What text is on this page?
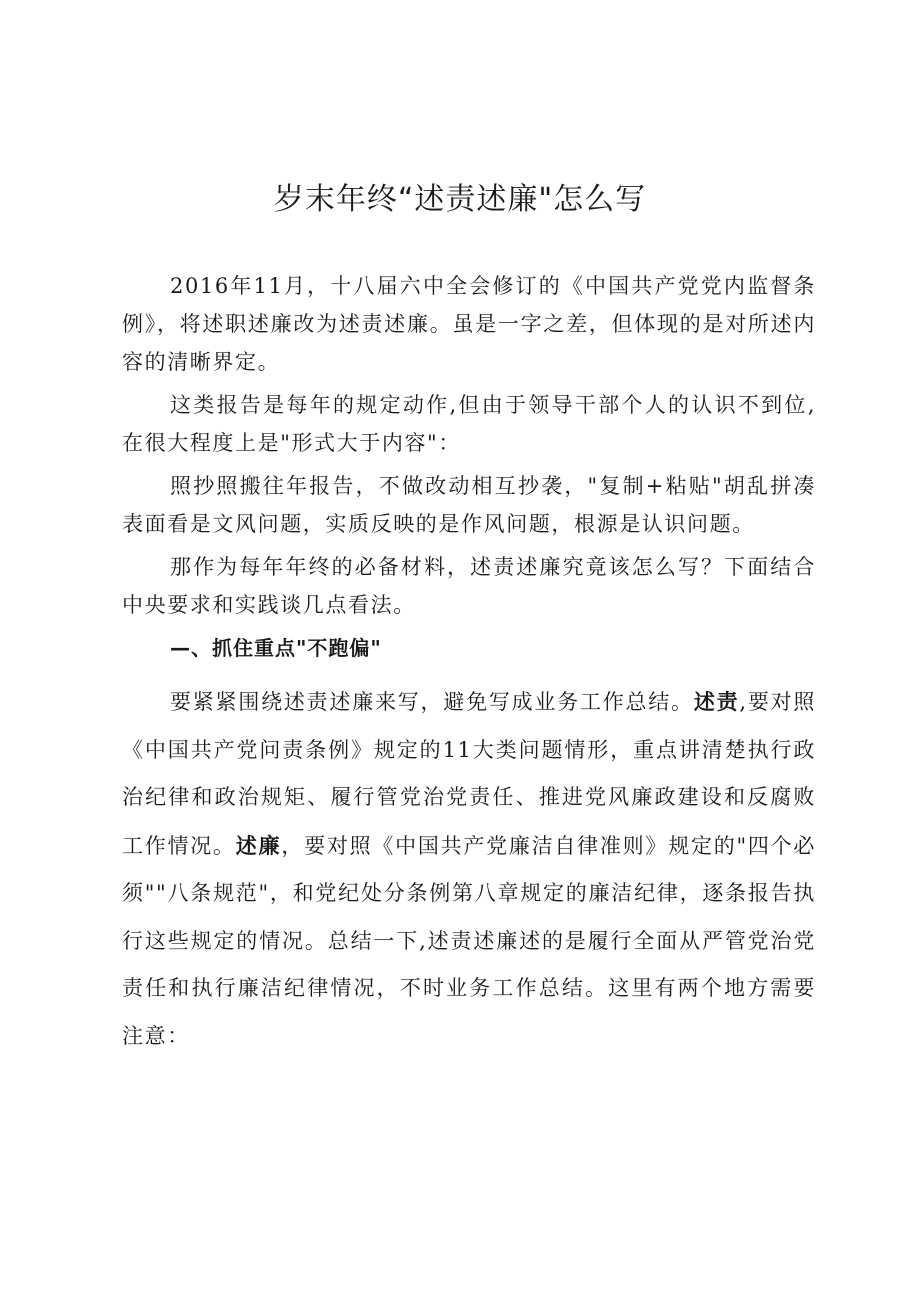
岁末年终“述责述廉"怎么写

2016年11月，十八届六中全会修订的《中国共产党党内监督条例》，将述职述廉改为述责述廉。虽是一字之差，但体现的是对所述内容的清晰界定。

这类报告是每年的规定动作,但由于领导干部个人的认识不到位,在很大程度上是"形式大于内容"：

照抄照搬往年报告，不做改动相互抄袭，"复制+粘贴"胡乱拼凑表面看是文风问题，实质反映的是作风问题，根源是认识问题。

那作为每年年终的必备材料，述责述廉究竟该怎么写？下面结合中央要求和实践谈几点看法。

—、抓住重点"不跑偏"

要紧紧围绕述责述廉来写，避免写成业务工作总结。述责,要对照《中国共产党问责条例》规定的11大类问题情形，重点讲清楚执行政治纪律和政治规矩、履行管党治党责任、推进党风廉政建设和反腐败工作情况。述廉，要对照《中国共产党廉洁自律准则》规定的"四个必须""八条规范"，和党纪处分条例第八章规定的廉洁纪律，逐条报告执行这些规定的情况。总结一下,述责述廉述的是履行全面从严管党治党责任和执行廉洁纪律情况，不时业务工作总结。这里有两个地方需要注意：
